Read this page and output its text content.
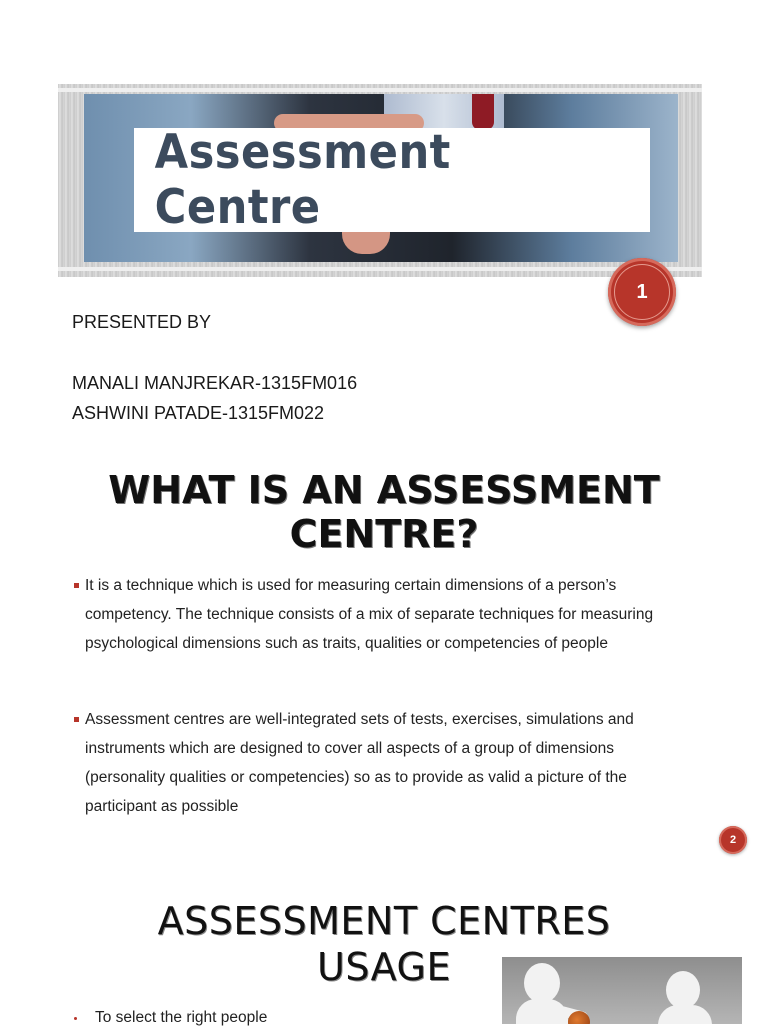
Assessment Centre
1
PRESENTED BY
MANALI MANJREKAR-1315FM016
ASHWINI PATADE-1315FM022
WHAT IS AN ASSESSMENT
CENTRE?
It is a technique which is used for measuring certain dimensions of a person’s
competency. The technique consists of a mix of separate techniques for measuring
psychological dimensions such as traits, qualities or competencies of people
Assessment centres are well-integrated sets of tests, exercises, simulations and
instruments which are designed to cover all aspects of a group of dimensions
(personality qualities or competencies) so as to provide as valid a picture of the
participant as possible
2
ASSESSMENT CENTRES
USAGE
To select the right people
